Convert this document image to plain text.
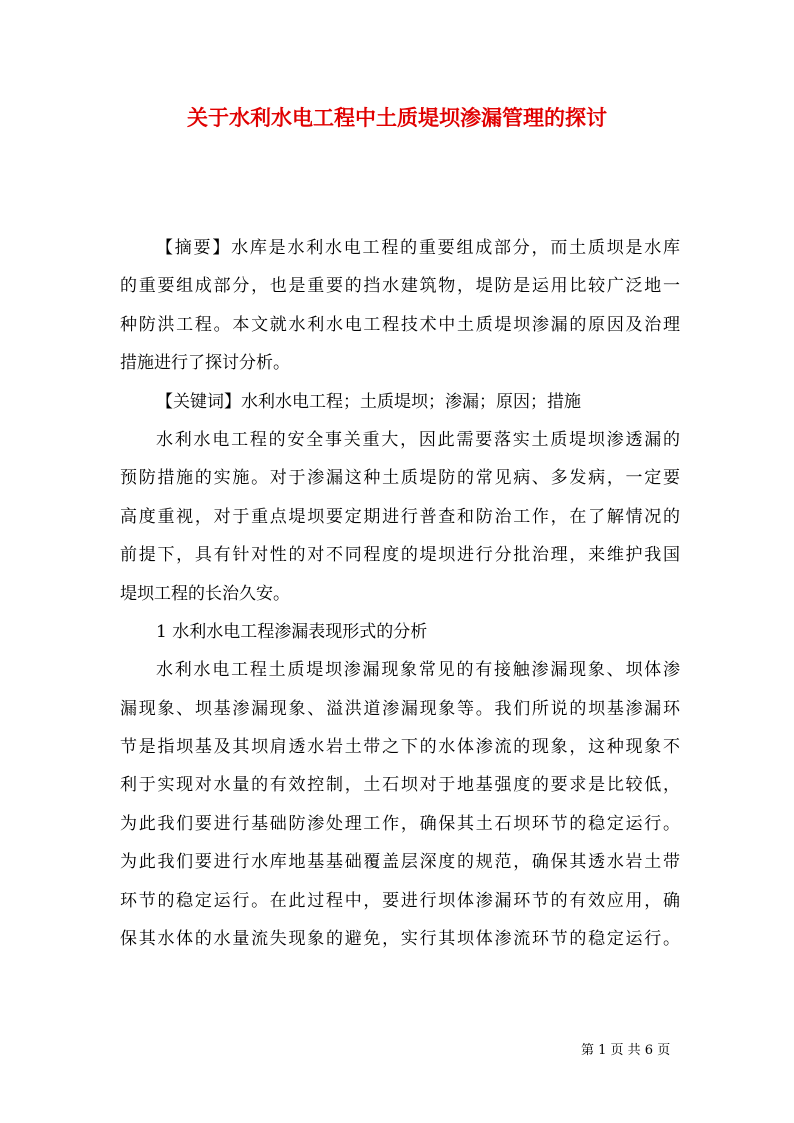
关于水利水电工程中土质堤坝渗漏管理的探讨
【摘要】水库是水利水电工程的重要组成部分，而土质坝是水库
的重要组成部分，也是重要的挡水建筑物，堤防是运用比较广泛地一
种防洪工程。本文就水利水电工程技术中土质堤坝渗漏的原因及治理
措施进行了探讨分析。
【关键词】水利水电工程；土质堤坝；渗漏；原因；措施
水利水电工程的安全事关重大，因此需要落实土质堤坝渗透漏的
预防措施的实施。对于渗漏这种土质堤防的常见病、多发病，一定要
高度重视，对于重点堤坝要定期进行普查和防治工作，在了解情况的
前提下，具有针对性的对不同程度的堤坝进行分批治理，来维护我国
堤坝工程的长治久安。
1 水利水电工程渗漏表现形式的分析
水利水电工程土质堤坝渗漏现象常见的有接触渗漏现象、坝体渗
漏现象、坝基渗漏现象、溢洪道渗漏现象等。我们所说的坝基渗漏环
节是指坝基及其坝肩透水岩土带之下的水体渗流的现象，这种现象不
利于实现对水量的有效控制，土石坝对于地基强度的要求是比较低，
为此我们要进行基础防渗处理工作，确保其土石坝环节的稳定运行。
为此我们要进行水库地基基础覆盖层深度的规范，确保其透水岩土带
环节的稳定运行。在此过程中，要进行坝体渗漏环节的有效应用，确
保其水体的水量流失现象的避免，实行其坝体渗流环节的稳定运行。
第 1 页 共 6 页
